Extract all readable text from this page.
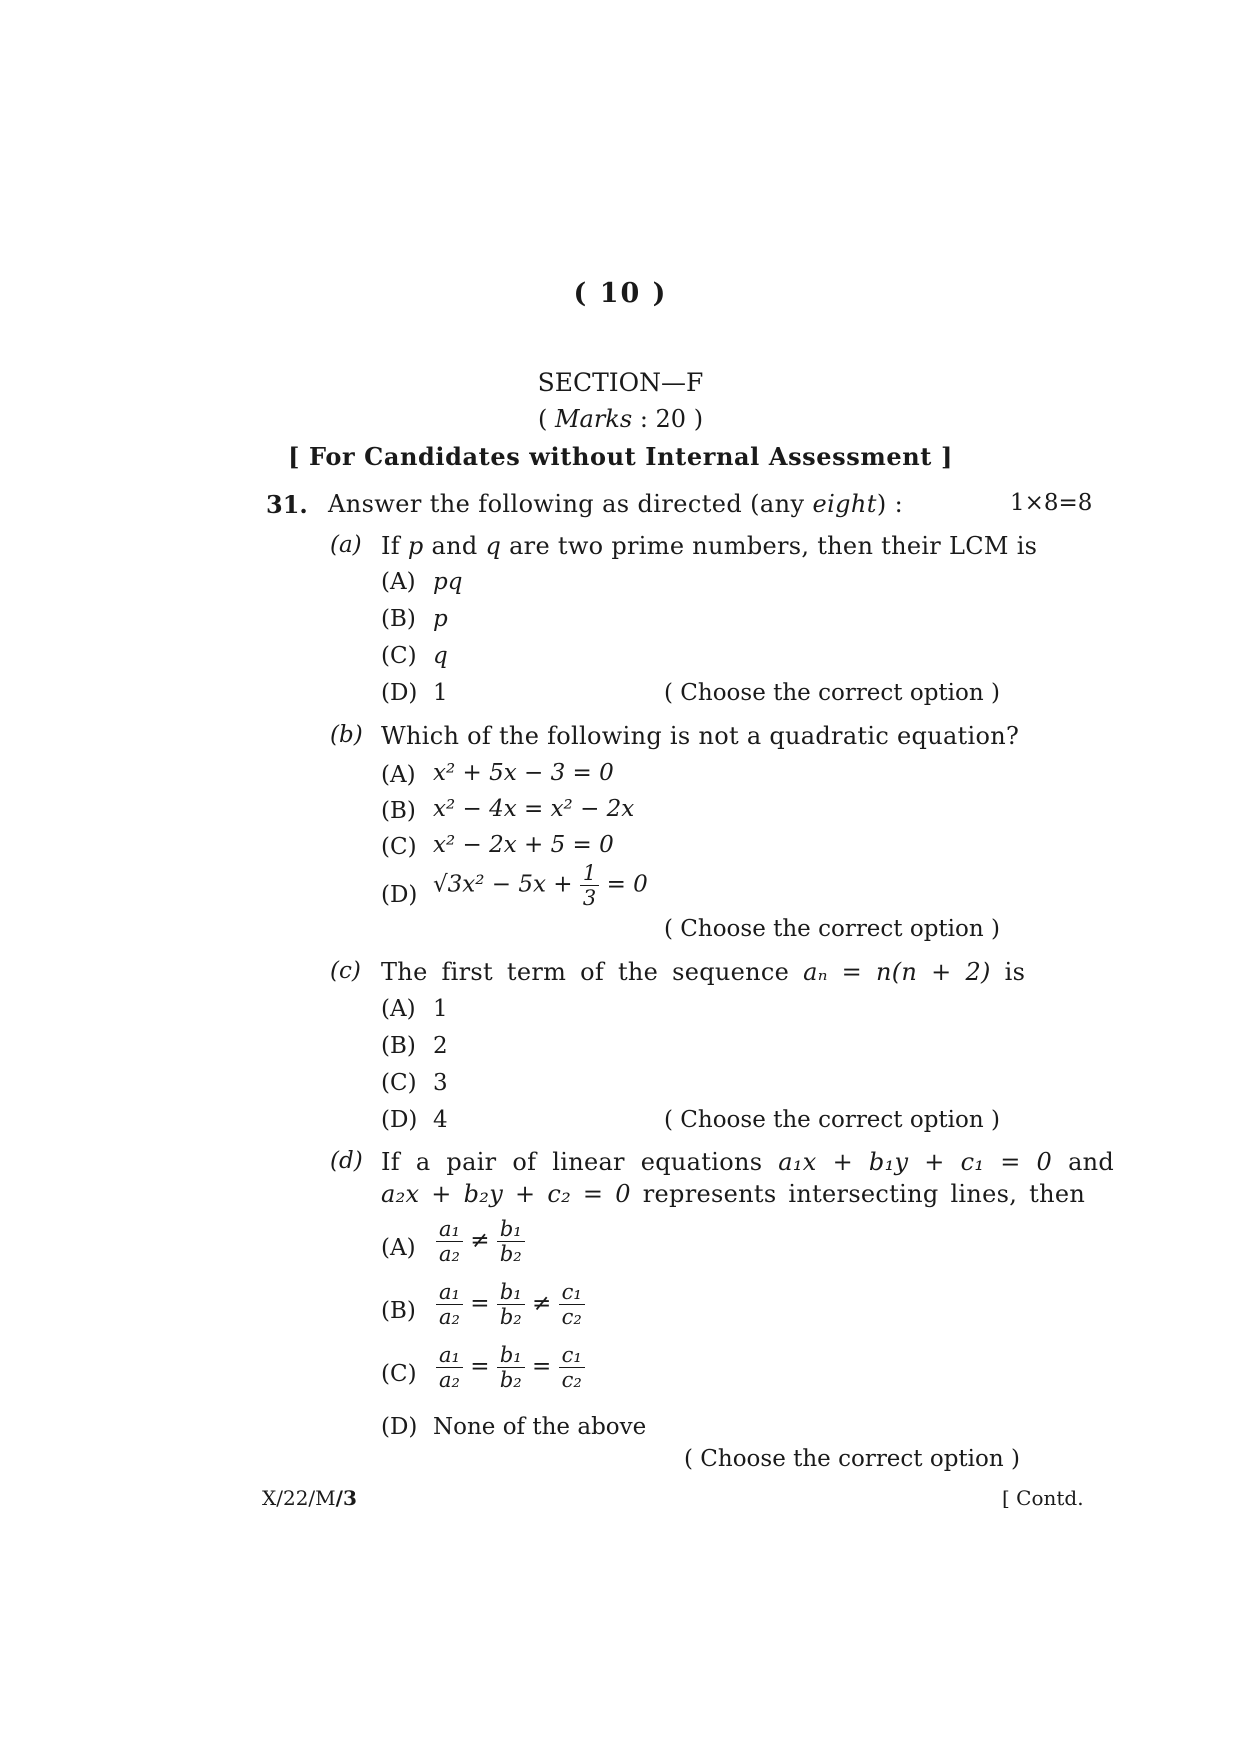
( 10 )
SECTION—F
( Marks : 20 )
[ For Candidates without Internal Assessment ]
31. Answer the following as directed (any eight) :	1×8=8
(a) If p and q are two prime numbers, then their LCM is
(A) pq
(B) p
(C) q
(D) 1	( Choose the correct option )
(b) Which of the following is not a quadratic equation?
(A) x² + 5x − 3 = 0
(B) x² − 4x = x² − 2x
(C) x² − 2x + 5 = 0
(D) $√3x^2 - 5x + \frac{1}{3} = 0$
( Choose the correct option )
(c) The first term of the sequence aₙ = n(n + 2) is
(A) 1
(B) 2
(C) 3
(D) 4	( Choose the correct option )
(d) If a pair of linear equations a₁x + b₁y + c₁ = 0 and
a₂x + b₂y + c₂ = 0 represents intersecting lines, then
$(A) \frac{\text{a₁}}{\text{a₂}} \ne \frac{\text{b₁}}{\text{b₂}}$
$(B) \frac{\text{a₁}}{\text{a₂}} = \frac{\text{b₁}}{\text{b₂}} \ne \frac{\text{c₁}}{\text{c₂}}$
$(C) \frac{\text{a₁}}{\text{a₂}} = \frac{\text{b₁}}{\text{b₂}} = \frac{\text{c₁}}{\text{c₂}}$
(D) None of the above
( Choose the correct option )
X/22/M/3	[ Contd.
